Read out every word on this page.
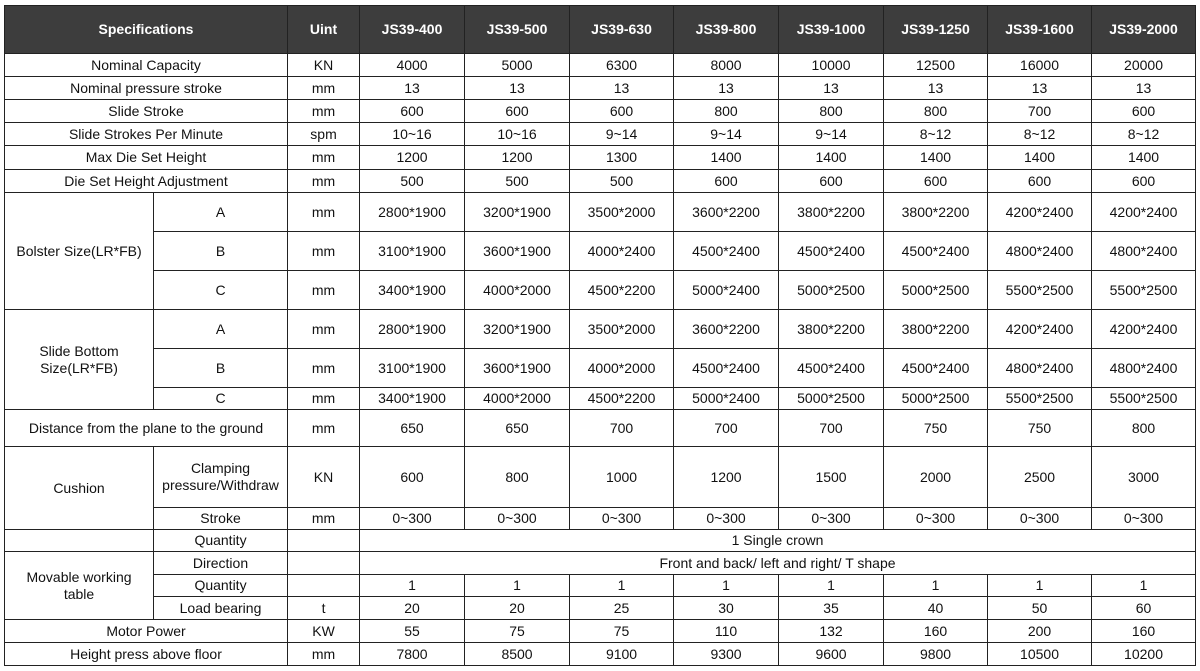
Specifications		Uint	JS39-400	JS39-500	JS39-630	JS39-800	JS39-1000	JS39-1250	JS39-1600	JS39-2000
Nominal Capacity		KN	4000	5000	6300	8000	10000	12500	16000	20000
Nominal pressure stroke		mm	13	13	13	13	13	13	13	13
Slide Stroke		mm	600	600	600	800	800	800	700	600
Slide Strokes Per Minute		spm	10~16	10~16	9~14	9~14	9~14	8~12	8~12	8~12
Max Die Set Height		mm	1200	1200	1300	1400	1400	1400	1400	1400
Die Set Height Adjustment		mm	500	500	500	600	600	600	600	600
Bolster Size(LR*FB)	A	mm	2800*1900	3200*1900	3500*2000	3600*2200	3800*2200	3800*2200	4200*2400	4200*2400
	B	mm	3100*1900	3600*1900	4000*2400	4500*2400	4500*2400	4500*2400	4800*2400	4800*2400
	C	mm	3400*1900	4000*2000	4500*2200	5000*2400	5000*2500	5000*2500	5500*2500	5500*2500
Slide Bottom
Size(LR*FB)	A	mm	2800*1900	3200*1900	3500*2000	3600*2200	3800*2200	3800*2200	4200*2400	4200*2400
	B	mm	3100*1900	3600*1900	4000*2000	4500*2400	4500*2400	4500*2400	4800*2400	4800*2400
	C	mm	3400*1900	4000*2000	4500*2200	5000*2400	5000*2500	5000*2500	5500*2500	5500*2500
Distance from the plane to the ground		mm	650	650	700	700	700	750	750	800
Cushion	Clamping
pressure/Withdraw	KN	600	800	1000	1200	1500	2000	2500	3000
	Stroke	mm	0~300	0~300	0~300	0~300	0~300	0~300	0~300	0~300
	Quantity		1 Single crown							
Movable working
table	Direction		Front and back/ left and right/ T shape							
	Quantity		1	1	1	1	1	1	1	1
	Load bearing	t	20	20	25	30	35	40	50	60
Motor Power		KW	55	75	75	110	132	160	200	160
Height press above floor		mm	7800	8500	9100	9300	9600	9800	10500	10200
